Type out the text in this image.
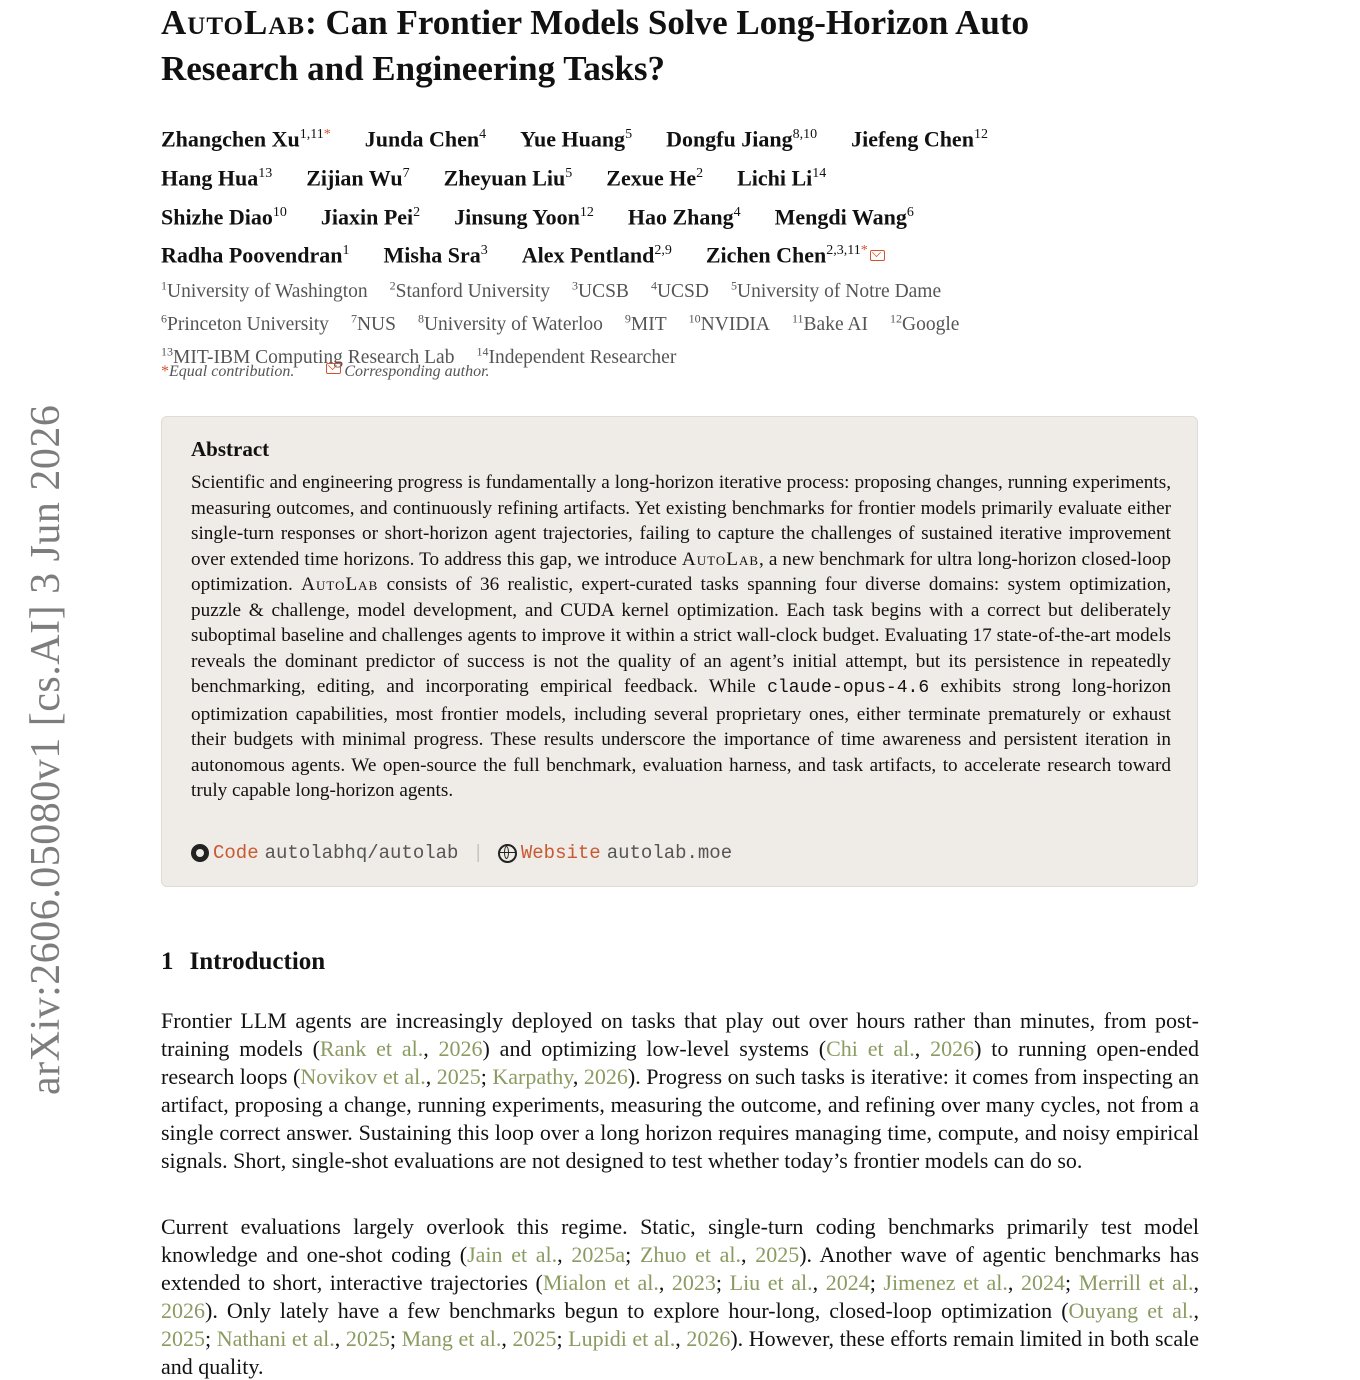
arXiv:2606.05080v1 [cs.AI] 3 Jun 2026
AutoLab: Can Frontier Models Solve Long-Horizon Auto
Research and Engineering Tasks?
Zhangchen $Xu^{1,11*}$ Junda Chen$^4$ Yue Huang$^5$ Dongfu Jiang$^{8,10}$ Jiefeng Chen$^{12}$
Hang Hua$^{13}$ Zijian Wu$^7$ Zheyuan Liu$^5$ Zexue He$^2$ Lichi Li$^{14}$
Shizhe Diao$^{10}$ Jiaxin Pei$^2$ Jinsung Yoon$^{12}$ Hao Zhang$^4$ Mengdi Wang$^6$
Radha Poovendran$^1$ Misha Sra$^3$ Alex Pentland$^{2,9}$ Zichen Chen$^{2,3,11*}$
$^1$University of Washington $^2$Stanford University $^3$UCSB $^4$UCSD $^5$University of Notre Dame
$^6$Princeton University $^7$NUS $^8$University of Waterloo $^9$MIT $^{10}$NVIDIA $^{11}$Bake AI $^{12}$Google
$^{13}$MIT-IBM Computing Research Lab $^{14}$Independent Researcher
*Equal contribution.	Corresponding author.
Abstract
Scientific and engineering progress is fundamentally a long-horizon iterative process: proposing changes, running experiments, measuring outcomes, and continuously refining artifacts. Yet existing benchmarks for frontier models primarily evaluate either single-turn responses or short-horizon agent trajectories, failing to capture the challenges of sustained iterative improvement over extended time horizons. To address this gap, we introduce AutoLab, a new benchmark for ultra long-horizon closed-loop optimization. AutoLab consists of 36 realistic, expert-curated tasks spanning four diverse domains: system optimization, puzzle & challenge, model development, and CUDA kernel optimization. Each task begins with a correct but deliberately suboptimal baseline and challenges agents to improve it within a strict wall-clock budget. Evaluating 17 state-of-the-art models reveals the dominant predictor of success is not the quality of an agent’s initial attempt, but its persistence in repeatedly benchmarking, editing, and incorporating empirical feedback. While claude-opus-4.6 exhibits strong long-horizon optimization capabilities, most frontier models, including several proprietary ones, either terminate prematurely or exhaust their budgets with minimal progress. These results underscore the importance of time awareness and persistent iteration in autonomous agents. We open-source the full benchmark, evaluation harness, and task artifacts, to accelerate research toward truly capable long-horizon agents.
Code autolabhq/autolab | Website autolab.moe
1 Introduction
Frontier LLM agents are increasingly deployed on tasks that play out over hours rather than minutes, from post-training models (Rank et al., 2026) and optimizing low-level systems (Chi et al., 2026) to running open-ended research loops (Novikov et al., 2025; Karpathy, 2026). Progress on such tasks is iterative: it comes from inspecting an artifact, proposing a change, running experiments, measuring the outcome, and refining over many cycles, not from a single correct answer. Sustaining this loop over a long horizon requires managing time, compute, and noisy empirical signals. Short, single-shot evaluations are not designed to test whether today’s frontier models can do so.
Current evaluations largely overlook this regime. Static, single-turn coding benchmarks primarily test model knowledge and one-shot coding (Jain et al., 2025a; Zhuo et al., 2025). Another wave of agentic benchmarks has extended to short, interactive trajectories (Mialon et al., 2023; Liu et al., 2024; Jimenez et al., 2024; Merrill et al., 2026). Only lately have a few benchmarks begun to explore hour-long, closed-loop optimization (Ouyang et al., 2025; Nathani et al., 2025; Mang et al., 2025; Lupidi et al., 2026). However, these efforts remain limited in both scale and quality.
